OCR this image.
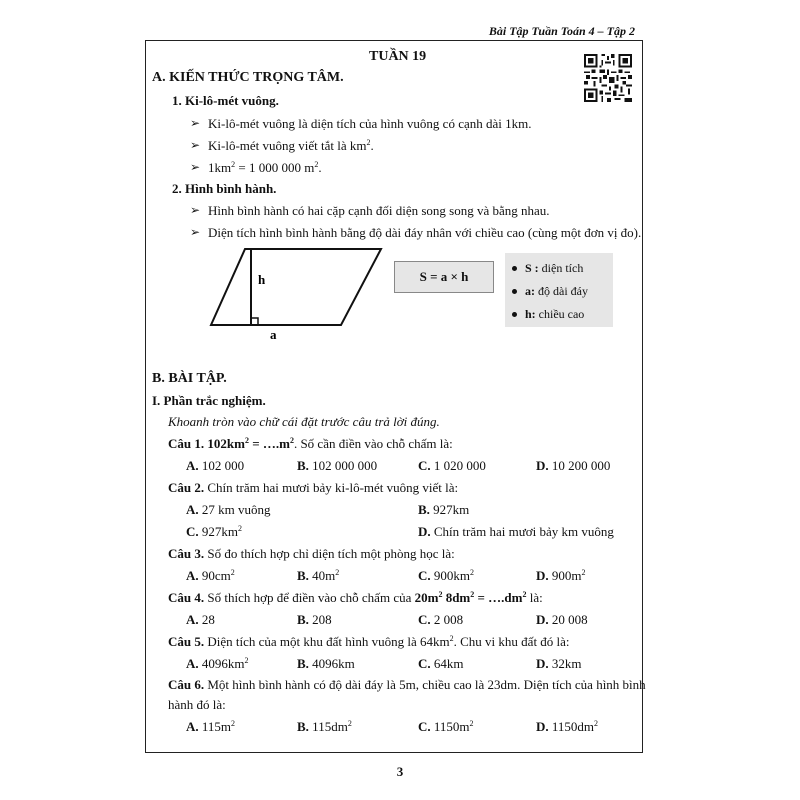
Bài Tập Tuần Toán 4 – Tập 2
3
TUẦN 19
A. KIẾN THỨC TRỌNG TÂM.
1. Ki-lô-mét vuông.
➢ Ki-lô-mét vuông là diện tích của hình vuông có cạnh dài 1km.
➢ Ki-lô-mét vuông viết tắt là $km^2$.
➢ $1km^2 = 1$ 000 000 $m^2$.
2. Hình bình hành.
➢ Hình bình hành có hai cặp cạnh đối diện song song và bằng nhau.
➢ Diện tích hình bình hành bằng độ dài đáy nhân với chiều cao (cùng một đơn vị đo).
h
a
S = a × h
S : diện tích
a: độ dài đáy
h: chiều cao
B. BÀI TẬP.
I. Phần trắc nghiệm.
Khoanh tròn vào chữ cái đặt trước câu trả lời đúng.
Câu 1. $102km^2$ = $\dots.m^2$. Số cần điền vào chỗ chấm là:
A. 102 000	B. 102 000 000	C. 1 020 000	D. 10 200 000
Câu 2. Chín trăm hai mươi bảy ki-lô-mét vuông viết là:
A. 27 km vuông	B. 927km
C. $927km^2$	D. Chín trăm hai mươi bảy km vuông
Câu 3. Số đo thích hợp chỉ diện tích một phòng học là:
A. $90cm^2$	B. $40m^2$	C. $900km^2$	D. $900m^2$
Câu 4. Số thích hợp để điền vào chỗ chấm của $20m^2$ $8dm^2$ = $\dots.dm^2$ là:
A. 28	B. 208	C. 2 008	D. 20 008
Câu 5. Diện tích của một khu đất hình vuông là $64km^2$. Chu vi khu đất đó là:
A. $4096km^2$	B. 4096km	C. 64km	D. 32km
Câu 6. Một hình bình hành có độ dài đáy là 5m, chiều cao là 23dm. Diện tích của hình bình
hành đó là:
A. $115m^2$	B. $115dm^2$	C. $1150m^2$	D. $1150dm^2$
